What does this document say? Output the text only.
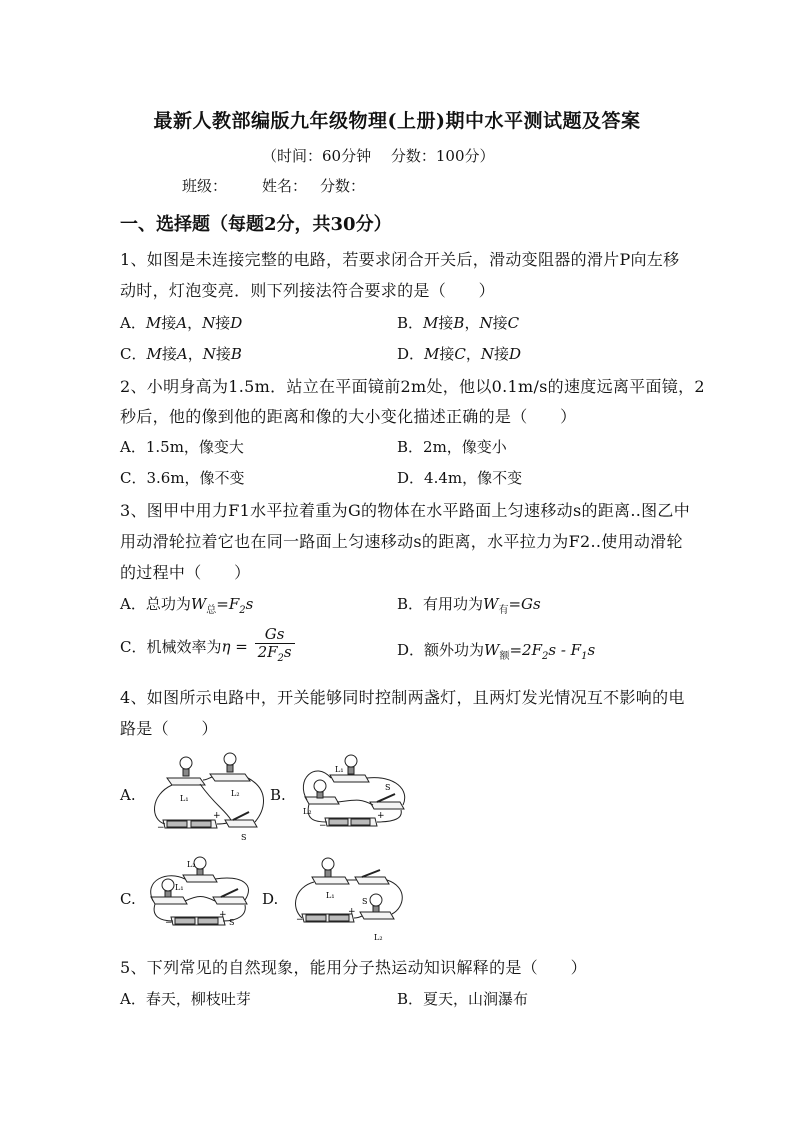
最新人教部编版九年级物理(上册)期中水平测试题及答案
（时间：60分钟　 分数：100分）
班级： 姓名： 分数：
一、选择题（每题2分，共30分）
1、如图是未连接完整的电路，若要求闭合开关后，滑动变阻器的滑片P向左移
动时，灯泡变亮．则下列接法符合要求的是（　　）
A．M接A，N接D	B．M接B，N接C
C．M接A，N接B	D．M接C，N接D
2、小明身高为1.5m．站立在平面镜前2m处，他以0.1m/s的速度远离平面镜，2
秒后，他的像到他的距离和像的大小变化描述正确的是（　　）
A．1.5m，像变大	B．2m，像变小
C．3.6m，像不变	D．4.4m，像不变
3、图甲中用力F1水平拉着重为G的物体在水平路面上匀速移动s的距离..图乙中
用动滑轮拉着它也在同一路面上匀速移动s的距离，水平拉力为F2..使用动滑轮
的过程中（　　）
A．总功为$W_总=F_2s$	B．有用功为$W_有=Gs$
C．机械效率为$\eta = \frac{Gs}{2F_2s}$	D．额外功为$W_额=2F_2s - F_1s$
4、如图所示电路中，开关能够同时控制两盏灯，且两灯发光情况互不影响的电
路是（　　）
A.	B.
C.	D.
L₁
L₂
S
−
+
L₁
L₂
S
−
+
L₂
L₁
S
−
+
L₁
S
L₂
−
+
5、下列常见的自然现象，能用分子热运动知识解释的是（　　）
A．春天，柳枝吐芽	B．夏天，山涧瀑布
